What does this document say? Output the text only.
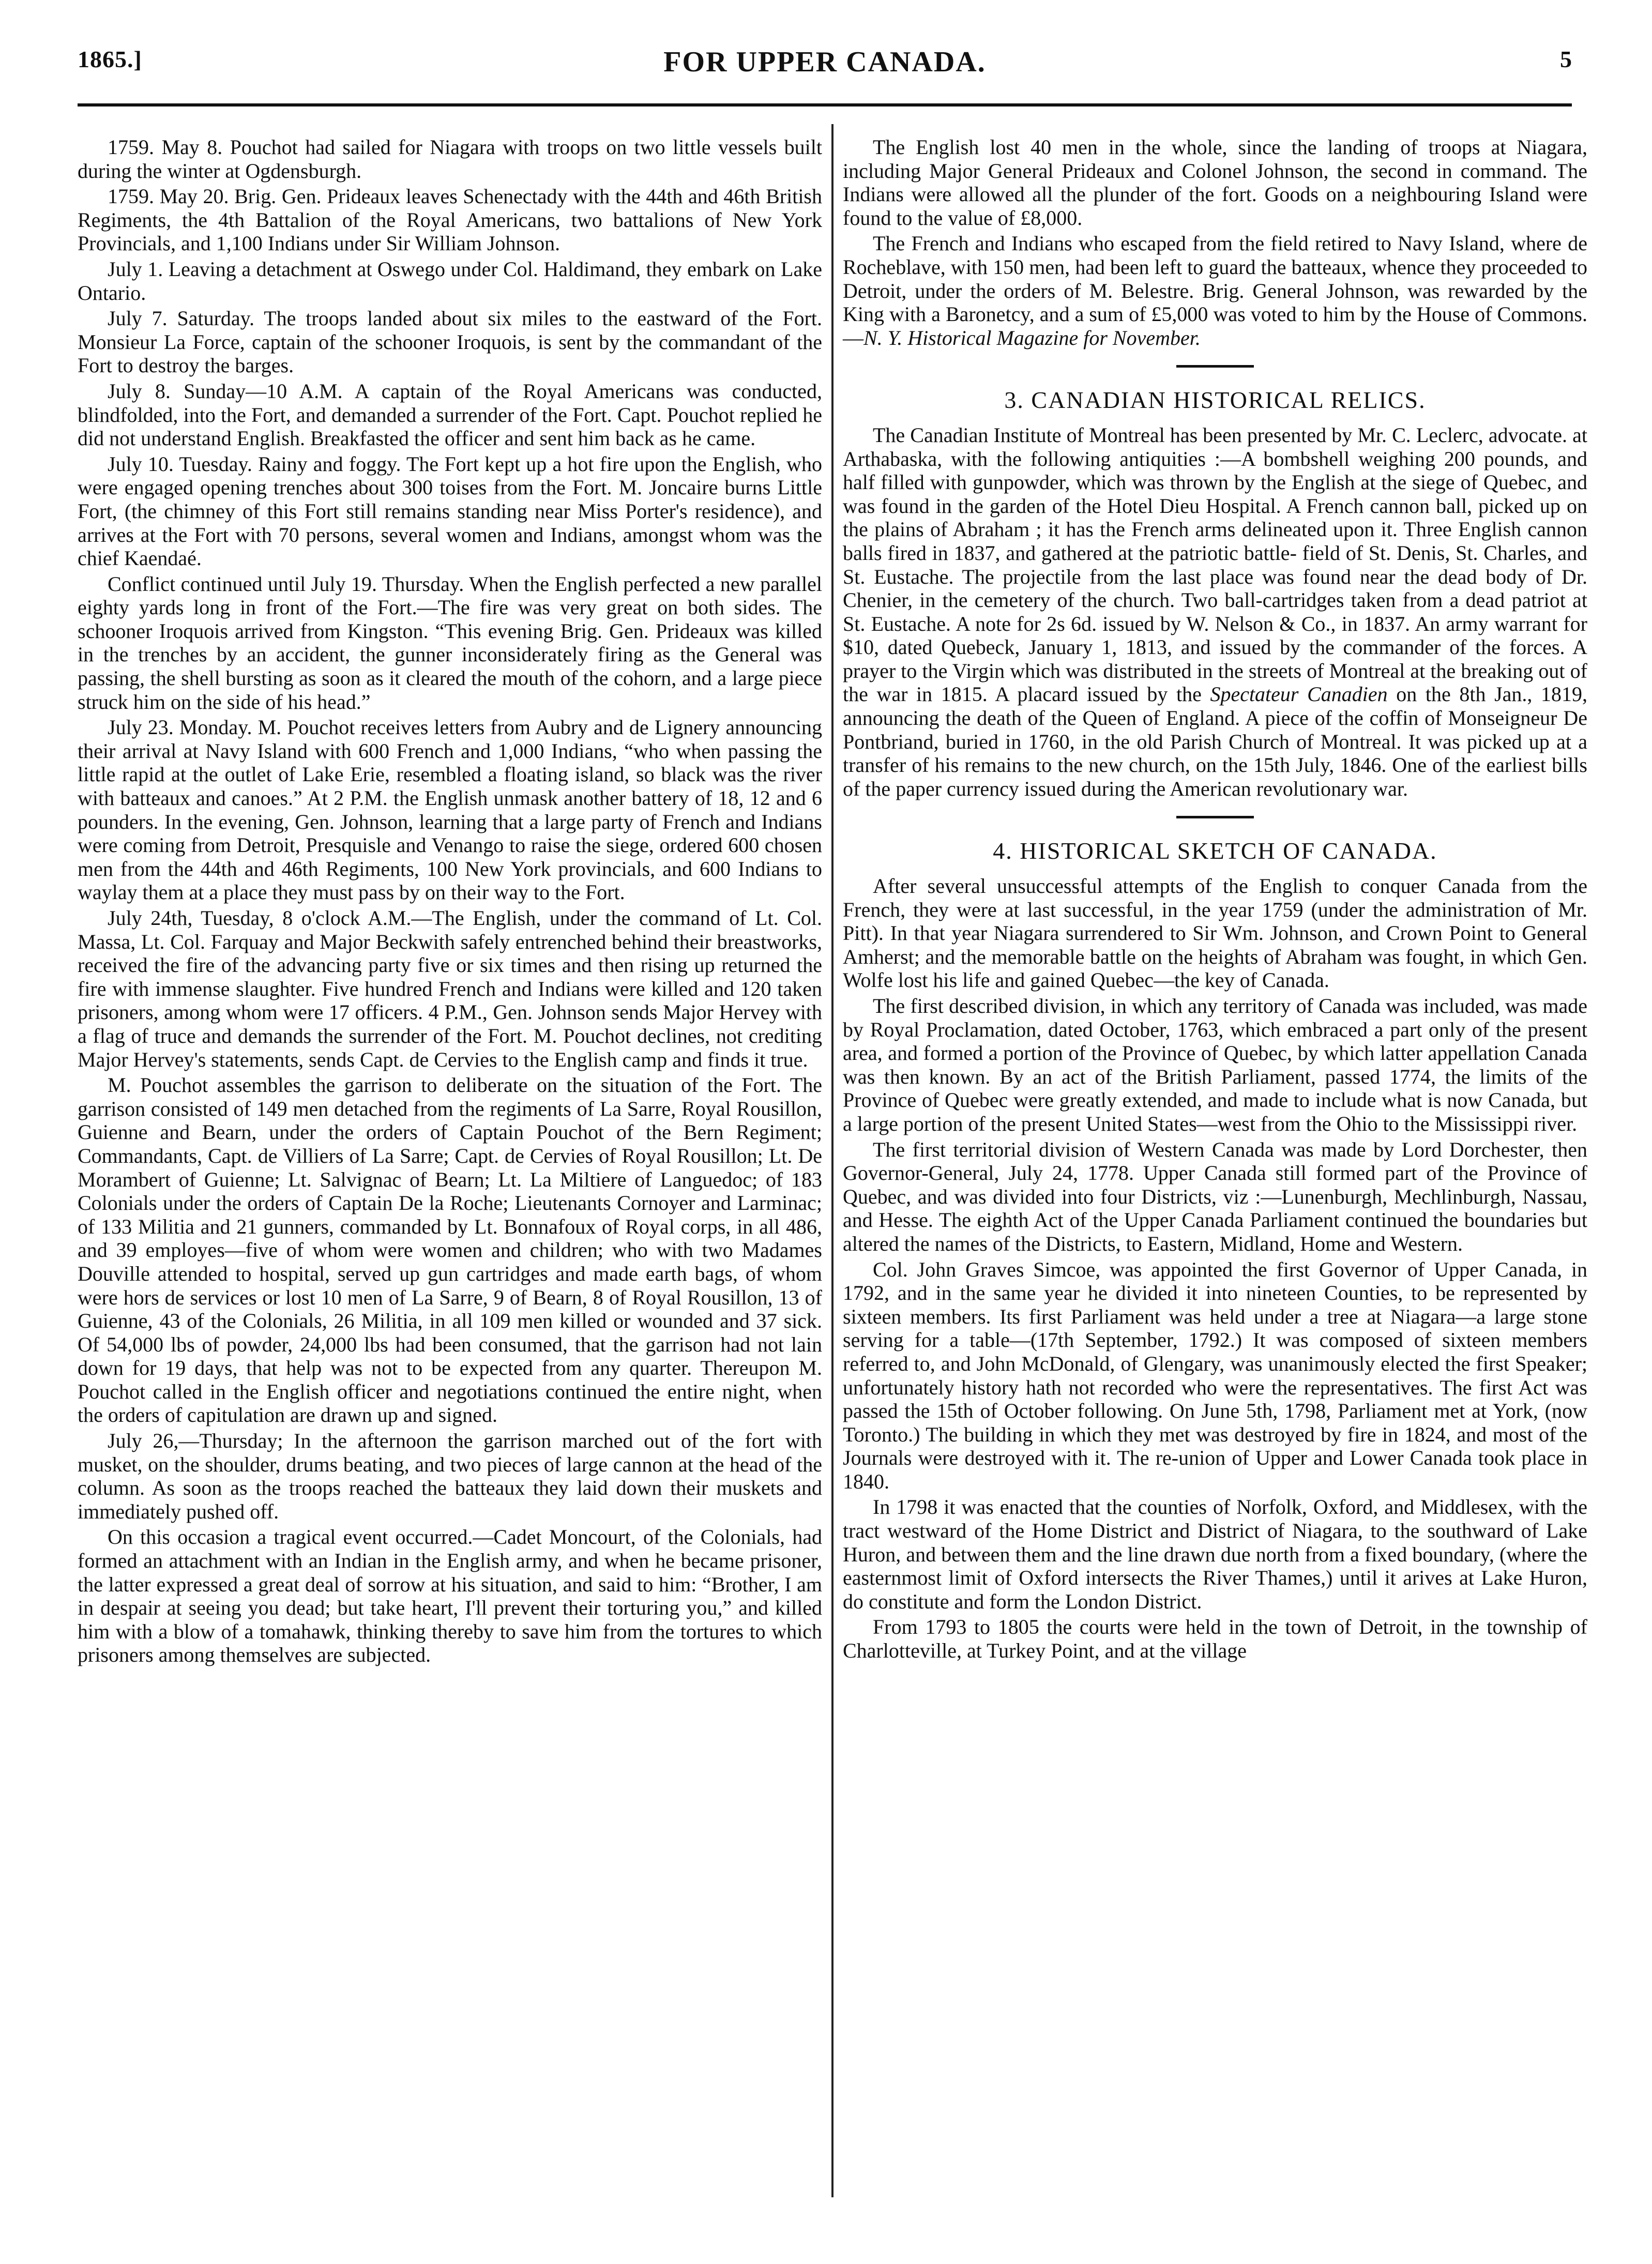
1865.]	FOR UPPER CANADA.	5

1759. May 8. Pouchot had sailed for Niagara with troops on two little vessels built during the winter at Ogdensburgh.

1759. May 20. Brig. Gen. Prideaux leaves Schenectady with the 44th and 46th British Regiments, the 4th Battalion of the Royal Americans, two battalions of New York Provincials, and 1,100 Indians under Sir William Johnson.

July 1. Leaving a detachment at Oswego under Col. Haldimand, they embark on Lake Ontario.

July 7. Saturday. The troops landed about six miles to the eastward of the Fort. Monsieur La Force, captain of the schooner Iroquois, is sent by the commandant of the Fort to destroy the barges.

July 8. Sunday—10 A.M. A captain of the Royal Americans was conducted, blindfolded, into the Fort, and demanded a surrender of the Fort. Capt. Pouchot replied he did not understand English. Breakfasted the officer and sent him back as he came.

July 10. Tuesday. Rainy and foggy. The Fort kept up a hot fire upon the English, who were engaged opening trenches about 300 toises from the Fort. M. Joncaire burns Little Fort, (the chimney of this Fort still remains standing near Miss Porter's residence), and arrives at the Fort with 70 persons, several women and Indians, amongst whom was the chief Kaendaé.

Conflict continued until July 19. Thursday. When the English perfected a new parallel eighty yards long in front of the Fort.—The fire was very great on both sides. The schooner Iroquois arrived from Kingston. “This evening Brig. Gen. Prideaux was killed in the trenches by an accident, the gunner inconsiderately firing as the General was passing, the shell bursting as soon as it cleared the mouth of the cohorn, and a large piece struck him on the side of his head.”

July 23. Monday. M. Pouchot receives letters from Aubry and de Lignery announcing their arrival at Navy Island with 600 French and 1,000 Indians, “who when passing the little rapid at the outlet of Lake Erie, resembled a floating island, so black was the river with batteaux and canoes.” At 2 P.M. the English unmask another battery of 18, 12 and 6 pounders. In the evening, Gen. Johnson, learning that a large party of French and Indians were coming from Detroit, Presquisle and Venango to raise the siege, ordered 600 chosen men from the 44th and 46th Regiments, 100 New York provincials, and 600 Indians to waylay them at a place they must pass by on their way to the Fort.

July 24th, Tuesday, 8 o'clock A.M.—The English, under the command of Lt. Col. Massa, Lt. Col. Farquay and Major Beckwith safely entrenched behind their breastworks, received the fire of the advancing party five or six times and then rising up returned the fire with immense slaughter. Five hundred French and Indians were killed and 120 taken prisoners, among whom were 17 officers. 4 P.M., Gen. Johnson sends Major Hervey with a flag of truce and demands the surrender of the Fort. M. Pouchot declines, not crediting Major Hervey's statements, sends Capt. de Cervies to the English camp and finds it true.

M. Pouchot assembles the garrison to deliberate on the situation of the Fort. The garrison consisted of 149 men detached from the regiments of La Sarre, Royal Rousillon, Guienne and Bearn, under the orders of Captain Pouchot of the Bern Regiment; Commandants, Capt. de Villiers of La Sarre; Capt. de Cervies of Royal Rousillon; Lt. De Morambert of Guienne; Lt. Salvignac of Bearn; Lt. La Miltiere of Languedoc; of 183 Colonials under the orders of Captain De la Roche; Lieutenants Cornoyer and Larminac; of 133 Militia and 21 gunners, commanded by Lt. Bonnafoux of Royal corps, in all 486, and 39 employes—five of whom were women and children; who with two Madames Douville attended to hospital, served up gun cartridges and made earth bags, of whom were hors de services or lost 10 men of La Sarre, 9 of Bearn, 8 of Royal Rousillon, 13 of Guienne, 43 of the Colonials, 26 Militia, in all 109 men killed or wounded and 37 sick. Of 54,000 lbs of powder, 24,000 lbs had been consumed, that the garrison had not lain down for 19 days, that help was not to be expected from any quarter. Thereupon M. Pouchot called in the English officer and negotiations continued the entire night, when the orders of capitulation are drawn up and signed.

July 26,—Thursday; In the afternoon the garrison marched out of the fort with musket, on the shoulder, drums beating, and two pieces of large cannon at the head of the column. As soon as the troops reached the batteaux they laid down their muskets and immediately pushed off.

On this occasion a tragical event occurred.—Cadet Moncourt, of the Colonials, had formed an attachment with an Indian in the English army, and when he became prisoner, the latter expressed a great deal of sorrow at his situation, and said to him: “Brother, I am in despair at seeing you dead; but take heart, I'll prevent their torturing you,” and killed him with a blow of a tomahawk, thinking thereby to save him from the tortures to which prisoners among themselves are subjected.

The English lost 40 men in the whole, since the landing of troops at Niagara, including Major General Prideaux and Colonel Johnson, the second in command. The Indians were allowed all the plunder of the fort. Goods on a neighbouring Island were found to the value of £8,000.

The French and Indians who escaped from the field retired to Navy Island, where de Rocheblave, with 150 men, had been left to guard the batteaux, whence they proceeded to Detroit, under the orders of M. Belestre. Brig. General Johnson, was rewarded by the King with a Baronetcy, and a sum of £5,000 was voted to him by the House of Commons.—N. Y. Historical Magazine for November.

3. CANADIAN HISTORICAL RELICS.

The Canadian Institute of Montreal has been presented by Mr. C. Leclerc, advocate. at Arthabaska, with the following antiquities :—A bombshell weighing 200 pounds, and half filled with gunpowder, which was thrown by the English at the siege of Quebec, and was found in the garden of the Hotel Dieu Hospital. A French cannon ball, picked up on the plains of Abraham ; it has the French arms delineated upon it. Three English cannon balls fired in 1837, and gathered at the patriotic battle- field of St. Denis, St. Charles, and St. Eustache. The projectile from the last place was found near the dead body of Dr. Chenier, in the cemetery of the church. Two ball-cartridges taken from a dead patriot at St. Eustache. A note for 2s 6d. issued by W. Nelson & Co., in 1837. An army warrant for $10, dated Quebeck, January 1, 1813, and issued by the commander of the forces. A prayer to the Virgin which was distributed in the streets of Montreal at the breaking out of the war in 1815. A placard issued by the Spectateur Canadien on the 8th Jan., 1819, announcing the death of the Queen of England. A piece of the coffin of Monseigneur De Pontbriand, buried in 1760, in the old Parish Church of Montreal. It was picked up at a transfer of his remains to the new church, on the 15th July, 1846. One of the earliest bills of the paper currency issued during the American revolutionary war.

4. HISTORICAL SKETCH OF CANADA.

After several unsuccessful attempts of the English to conquer Canada from the French, they were at last successful, in the year 1759 (under the administration of Mr. Pitt). In that year Niagara surrendered to Sir Wm. Johnson, and Crown Point to General Amherst; and the memorable battle on the heights of Abraham was fought, in which Gen. Wolfe lost his life and gained Quebec—the key of Canada.

The first described division, in which any territory of Canada was included, was made by Royal Proclamation, dated October, 1763, which embraced a part only of the present area, and formed a portion of the Province of Quebec, by which latter appellation Canada was then known. By an act of the British Parliament, passed 1774, the limits of the Province of Quebec were greatly extended, and made to include what is now Canada, but a large portion of the present United States—west from the Ohio to the Mississippi river.

The first territorial division of Western Canada was made by Lord Dorchester, then Governor-General, July 24, 1778. Upper Canada still formed part of the Province of Quebec, and was divided into four Districts, viz :—Lunenburgh, Mechlinburgh, Nassau, and Hesse. The eighth Act of the Upper Canada Parliament continued the boundaries but altered the names of the Districts, to Eastern, Midland, Home and Western.

Col. John Graves Simcoe, was appointed the first Governor of Upper Canada, in 1792, and in the same year he divided it into nineteen Counties, to be represented by sixteen members. Its first Parliament was held under a tree at Niagara—a large stone serving for a table—(17th September, 1792.) It was composed of sixteen members referred to, and John McDonald, of Glengary, was unanimously elected the first Speaker; unfortunately history hath not recorded who were the representatives. The first Act was passed the 15th of October following. On June 5th, 1798, Parliament met at York, (now Toronto.) The building in which they met was destroyed by fire in 1824, and most of the Journals were destroyed with it. The re-union of Upper and Lower Canada took place in 1840.

In 1798 it was enacted that the counties of Norfolk, Oxford, and Middlesex, with the tract westward of the Home District and District of Niagara, to the southward of Lake Huron, and between them and the line drawn due north from a fixed boundary, (where the easternmost limit of Oxford intersects the River Thames,) until it arives at Lake Huron, do constitute and form the London District.

From 1793 to 1805 the courts were held in the town of Detroit, in the township of Charlotteville, at Turkey Point, and at the village
